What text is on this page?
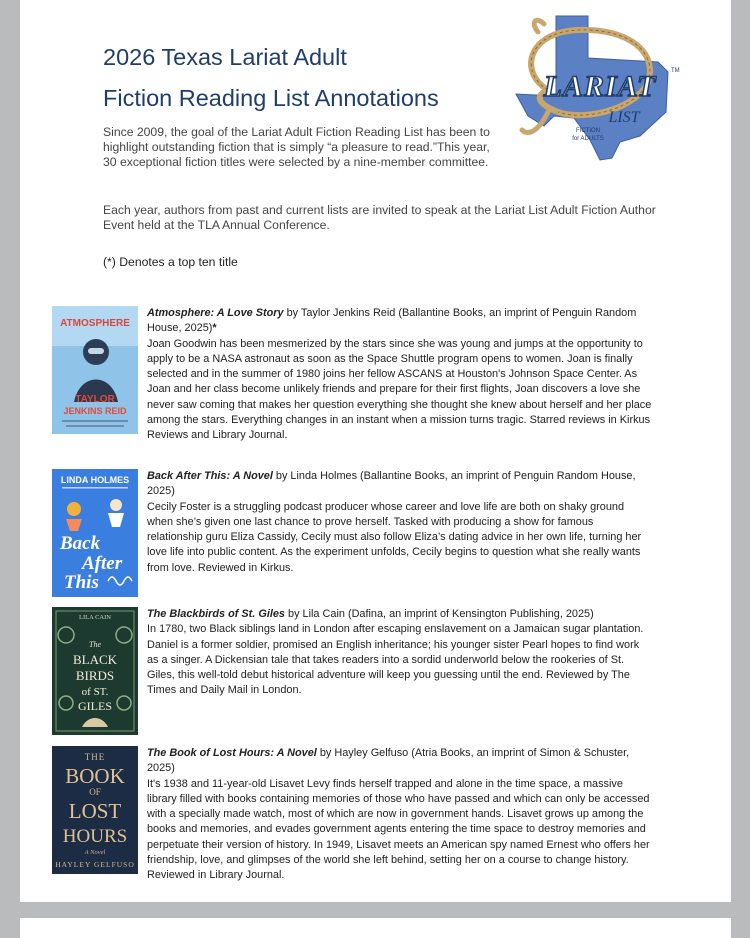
2026 Texas Lariat Adult
Fiction Reading List Annotations

Since 2009, the goal of the Lariat Adult Fiction Reading List has been to highlight outstanding fiction that is simply “a pleasure to read.”This year, 30 exceptional fiction titles were selected by a nine-member committee.

Each year, authors from past and current lists are invited to speak at the Lariat List Adult Fiction Author Event held at the TLA Annual Conference.

(*) Denotes a top ten title

LARIAT TM
LIST
FICTION
for ADULTS
ATMOSPHERE
TAYLOR
JENKINS REID

Atmosphere: A Love Story by Taylor Jenkins Reid (Ballantine Books, an imprint of Penguin Random House, 2025)*

Joan Goodwin has been mesmerized by the stars since she was young and jumps at the opportunity to apply to be a NASA astronaut as soon as the Space Shuttle program opens to women. Joan is finally selected and in the summer of 1980 joins her fellow ASCANS at Houston's Johnson Space Center. As Joan and her class become unlikely friends and prepare for their first flights, Joan discovers a love she never saw coming that makes her question everything she thought she knew about herself and her place among the stars. Everything changes in an instant when a mission turns tragic. Starred reviews in Kirkus Reviews and Library Journal.

LINDA HOLMES
Back
After
This

Back After This: A Novel by Linda Holmes (Ballantine Books, an imprint of Penguin Random House, 2025)

Cecily Foster is a struggling podcast producer whose career and love life are both on shaky ground when she’s given one last chance to prove herself. Tasked with producing a show for famous relationship guru Eliza Cassidy, Cecily must also follow Eliza’s dating advice in her own life, turning her love life into public content. As the experiment unfolds, Cecily begins to question what she really wants from love. Reviewed in Kirkus.

LILA CAIN
The
BLACK
BIRDS
of ST.
GILES

The Blackbirds of St. Giles by Lila Cain (Dafina, an imprint of Kensington Publishing, 2025)

In 1780, two Black siblings land in London after escaping enslavement on a Jamaican sugar plantation. Daniel is a former soldier, promised an English inheritance; his younger sister Pearl hopes to find work as a singer. A Dickensian tale that takes readers into a sordid underworld below the rookeries of St. Giles, this well-told debut historical adventure will keep you guessing until the end. Reviewed by The Times and Daily Mail in London.

THE
BOOK
OF
LOST
HOURS
A Novel
HAYLEY GELFUSO

The Book of Lost Hours: A Novel by Hayley Gelfuso (Atria Books, an imprint of Simon & Schuster, 2025)

It's 1938 and 11-year-old Lisavet Levy finds herself trapped and alone in the time space, a massive library filled with books containing memories of those who have passed and which can only be accessed with a specially made watch, most of which are now in government hands. Lisavet grows up among the books and memories, and evades government agents entering the time space to destroy memories and perpetuate their version of history. In 1949, Lisavet meets an American spy named Ernest who offers her friendship, love, and glimpses of the world she left behind, setting her on a course to change history. Reviewed in Library Journal.
